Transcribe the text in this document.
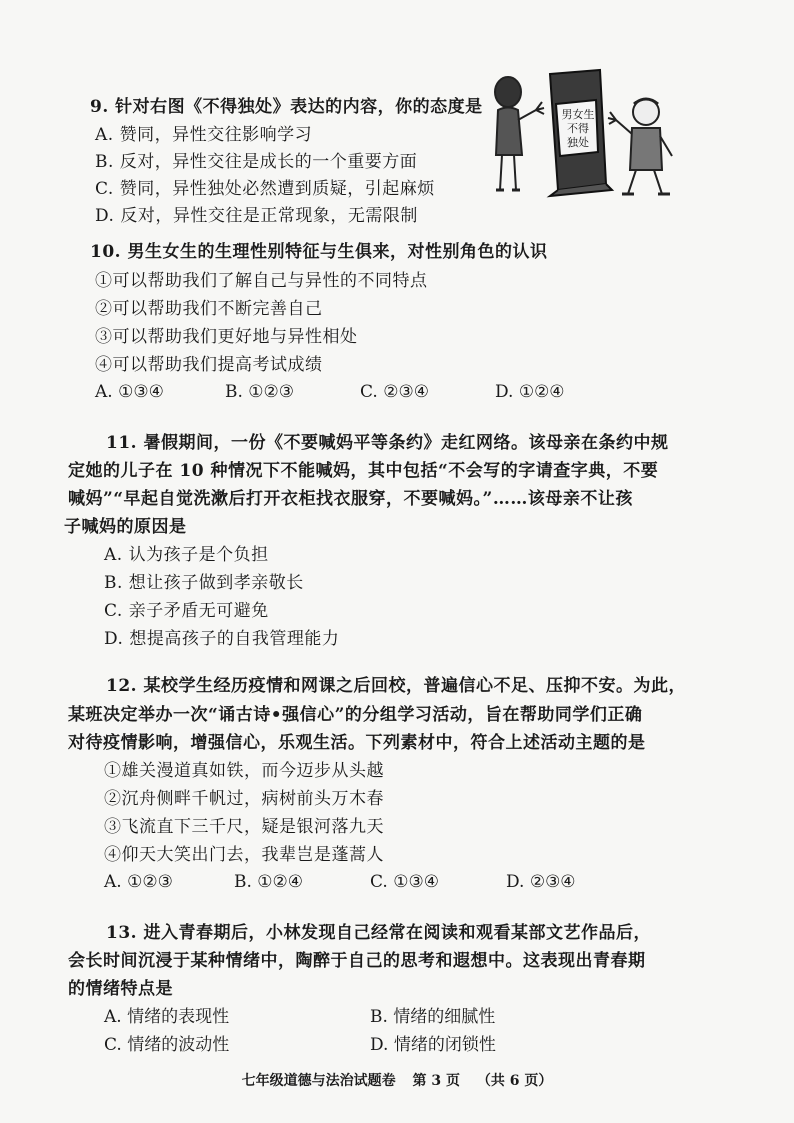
9. 针对右图《不得独处》表达的内容，你的态度是
A. 赞同，异性交往影响学习
B. 反对，异性交往是成长的一个重要方面
C. 赞同，异性独处必然遭到质疑，引起麻烦
D. 反对，异性交往是正常现象，无需限制
男女生
不得
独处
10. 男生女生的生理性别特征与生俱来，对性别角色的认识
①可以帮助我们了解自己与异性的不同特点
②可以帮助我们不断完善自己
③可以帮助我们更好地与异性相处
④可以帮助我们提高考试成绩
A. ①③④	B. ①②③	C. ②③④	D. ①②④
11. 暑假期间，一份《不要喊妈平等条约》走红网络。该母亲在条约中规
定她的儿子在 10 种情况下不能喊妈，其中包括“不会写的字请查字典，不要
喊妈”“早起自觉洗漱后打开衣柜找衣服穿，不要喊妈。”……该母亲不让孩
子喊妈的原因是
A. 认为孩子是个负担
B. 想让孩子做到孝亲敬长
C. 亲子矛盾无可避免
D. 想提高孩子的自我管理能力
12. 某校学生经历疫情和网课之后回校，普遍信心不足、压抑不安。为此，
某班决定举办一次“诵古诗•强信心”的分组学习活动，旨在帮助同学们正确
对待疫情影响，增强信心，乐观生活。下列素材中，符合上述活动主题的是
①雄关漫道真如铁，而今迈步从头越
②沉舟侧畔千帆过，病树前头万木春
③飞流直下三千尺，疑是银河落九天
④仰天大笑出门去，我辈岂是蓬蒿人
A. ①②③	B. ①②④	C. ①③④	D. ②③④
13. 进入青春期后，小林发现自己经常在阅读和观看某部文艺作品后，
会长时间沉浸于某种情绪中，陶醉于自己的思考和遐想中。这表现出青春期
的情绪特点是
A. 情绪的表现性	B. 情绪的细腻性
C. 情绪的波动性	D. 情绪的闭锁性
七年级道德与法治试题卷 第 3 页 （共 6 页）
